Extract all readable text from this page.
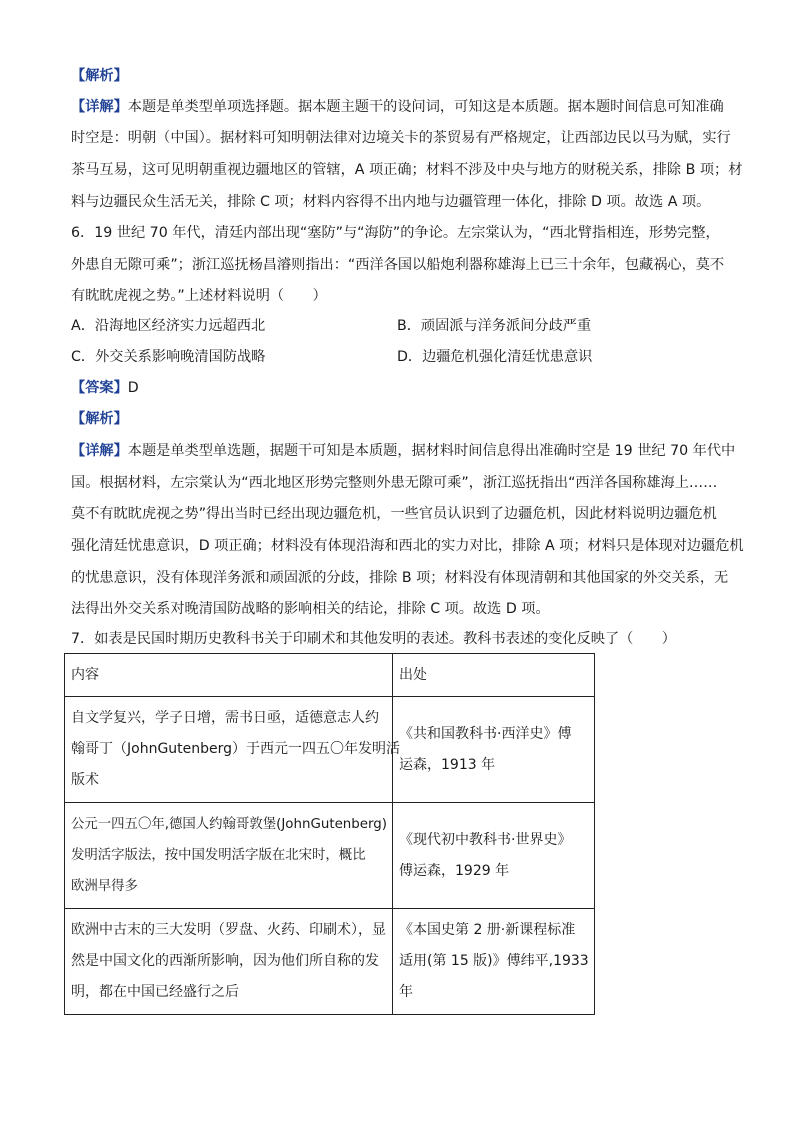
【解析】
【详解】本题是单类型单项选择题。据本题主题干的设问词，可知这是本质题。据本题时间信息可知准确
时空是：明朝（中国）。据材料可知明朝法律对边境关卡的茶贸易有严格规定，让西部边民以马为赋，实行
茶马互易，这可见明朝重视边疆地区的管辖，A 项正确；材料不涉及中央与地方的财税关系，排除 B 项；材
料与边疆民众生活无关，排除 C 项；材料内容得不出内地与边疆管理一体化，排除 D 项。故选 A 项。
6．19 世纪 70 年代，清廷内部出现“塞防”与“海防”的争论。左宗棠认为，“西北臂指相连，形势完整，
外患自无隙可乘”；浙江巡抚杨昌濬则指出：“西洋各国以船炮利器称雄海上已三十余年，包藏祸心，莫不
有眈眈虎视之势。”上述材料说明（　　）
A．沿海地区经济实力远超西北	B．顽固派与洋务派间分歧严重
C．外交关系影响晚清国防战略	D．边疆危机强化清廷忧患意识
【答案】D
【解析】
【详解】本题是单类型单选题，据题干可知是本质题，据材料时间信息得出准确时空是 19 世纪 70 年代中
国。根据材料，左宗棠认为“西北地区形势完整则外患无隙可乘”，浙江巡抚指出“西洋各国称雄海上……
莫不有眈眈虎视之势”得出当时已经出现边疆危机，一些官员认识到了边疆危机，因此材料说明边疆危机
强化清廷忧患意识，D 项正确；材料没有体现沿海和西北的实力对比，排除 A 项；材料只是体现对边疆危机
的忧患意识，没有体现洋务派和顽固派的分歧，排除 B 项；材料没有体现清朝和其他国家的外交关系，无
法得出外交关系对晚清国防战略的影响相关的结论，排除 C 项。故选 D 项。
7．如表是民国时期历史教科书关于印刷术和其他发明的表述。教科书表述的变化反映了（　　）
内容	出处

自文学复兴，学子日增，需书日亟，适德意志人约
翰哥丁（JohnGutenberg）于西元一四五〇年发明活
版术	《共和国教科书·西洋史》傅
运森，1913 年

公元一四五〇年,德国人约翰哥敦堡(JohnGutenberg)
发明活字版法，按中国发明活字版在北宋时，概比
欧洲早得多	《现代初中教科书·世界史》
傅运森，1929 年

欧洲中古末的三大发明（罗盘、火药、印刷术），显
然是中国文化的西渐所影响，因为他们所自称的发
明，都在中国已经盛行之后	《本国史第 2 册·新课程标准
适用(第 15 版)》傅纬平,1933
年
